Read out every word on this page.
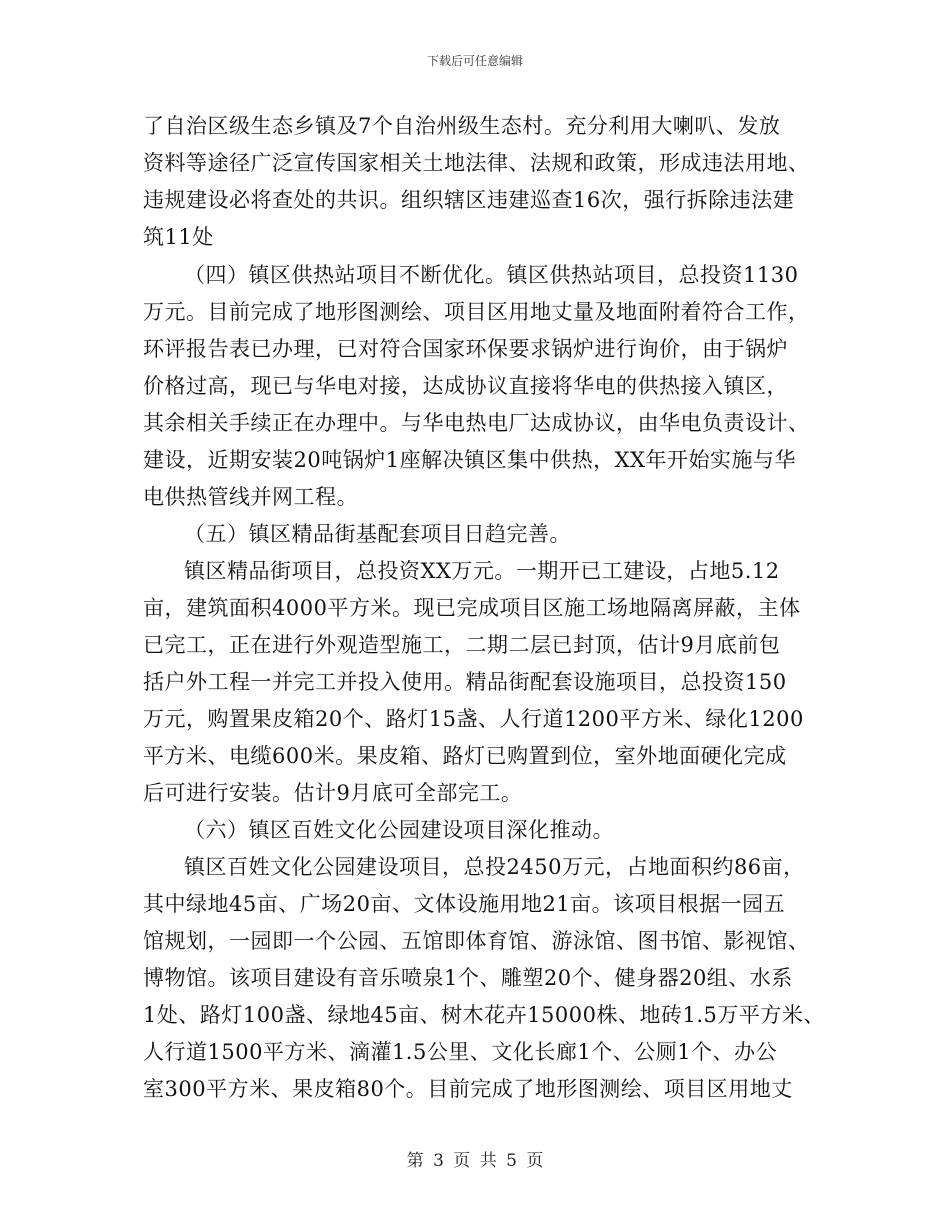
下载后可任意编辑
了自治区级生态乡镇及7个自治州级生态村。充分利用大喇叭、发放
资料等途径广泛宣传国家相关土地法律、法规和政策，形成违法用地、
违规建设必将查处的共识。组织辖区违建巡查16次，强行拆除违法建
筑11处
（四）镇区供热站项目不断优化。镇区供热站项目，总投资1130
万元。目前完成了地形图测绘、项目区用地丈量及地面附着符合工作，
环评报告表已办理，已对符合国家环保要求锅炉进行询价，由于锅炉
价格过高，现已与华电对接，达成协议直接将华电的供热接入镇区，
其余相关手续正在办理中。与华电热电厂达成协议，由华电负责设计、
建设，近期安装20吨锅炉1座解决镇区集中供热，XX年开始实施与华
电供热管线并网工程。
（五）镇区精品街基配套项目日趋完善。
镇区精品街项目，总投资XX万元。一期开已工建设，占地5.12
亩，建筑面积4000平方米。现已完成项目区施工场地隔离屏蔽，主体
已完工，正在进行外观造型施工，二期二层已封顶，估计9月底前包
括户外工程一并完工并投入使用。精品街配套设施项目，总投资150
万元，购置果皮箱20个、路灯15盏、人行道1200平方米、绿化1200
平方米、电缆600米。果皮箱、路灯已购置到位，室外地面硬化完成
后可进行安装。估计9月底可全部完工。
（六）镇区百姓文化公园建设项目深化推动。
镇区百姓文化公园建设项目，总投2450万元，占地面积约86亩，
其中绿地45亩、广场20亩、文体设施用地21亩。该项目根据一园五
馆规划，一园即一个公园、五馆即体育馆、游泳馆、图书馆、影视馆、
博物馆。该项目建设有音乐喷泉1个、雕塑20个、健身器20组、水系
1处、路灯100盏、绿地45亩、树木花卉15000株、地砖1.5万平方米、
人行道1500平方米、滴灌1.5公里、文化长廊1个、公厕1个、办公
室300平方米、果皮箱80个。目前完成了地形图测绘、项目区用地丈
第 3 页 共 5 页
